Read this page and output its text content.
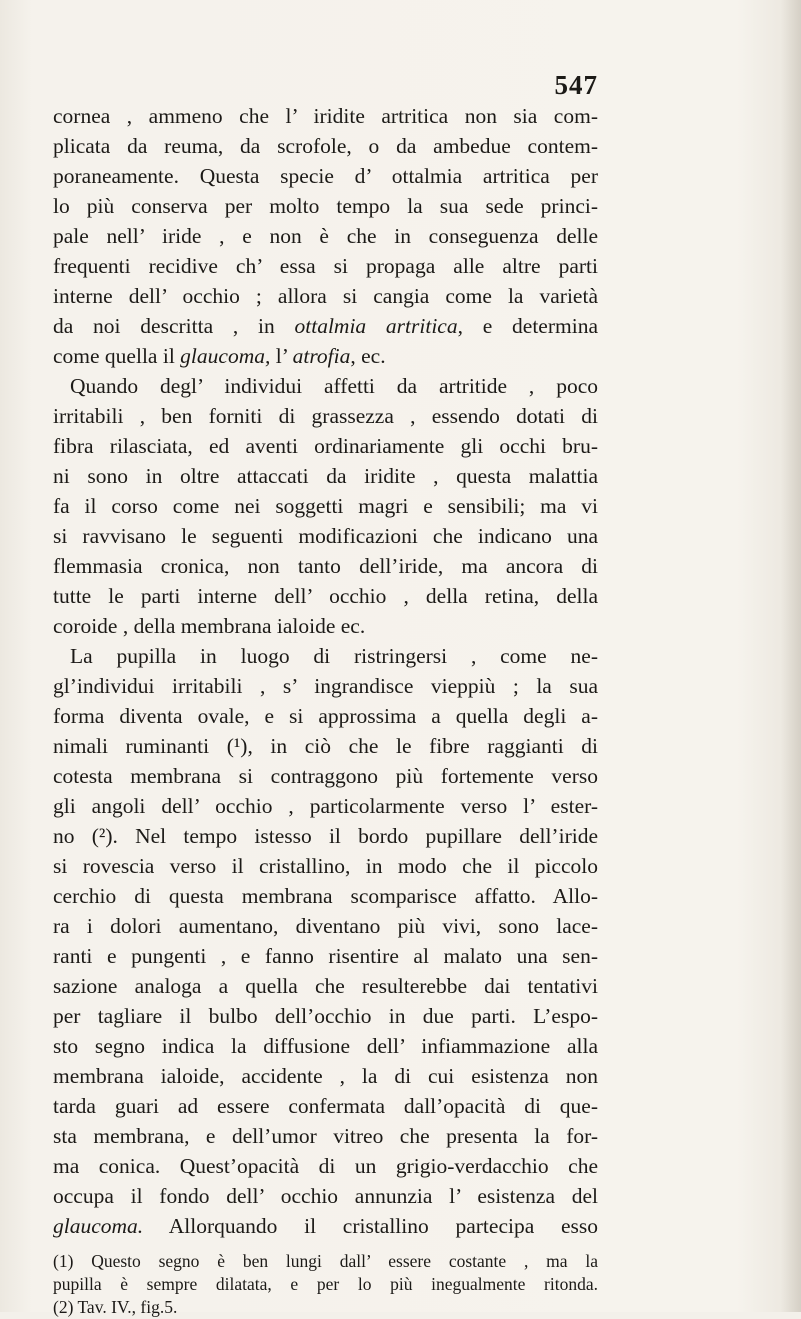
547
cornea , ammeno che l’ iridite artritica non sia com-
plicata da reuma, da scrofole, o da ambedue contem-
poraneamente. Questa specie d’ ottalmia artritica per
lo più conserva per molto tempo la sua sede princi-
pale nell’ iride , e non è che in conseguenza delle
frequenti recidive ch’ essa si propaga alle altre parti
interne dell’ occhio ; allora si cangia come la varietà
da noi descritta , in ottalmia artritica, e determina
come quella il glaucoma, l’ atrofia, ec.
Quando degl’ individui affetti da artritide , poco
irritabili , ben forniti di grassezza , essendo dotati di
fibra rilasciata, ed aventi ordinariamente gli occhi bru-
ni sono in oltre attaccati da iridite , questa malattia
fa il corso come nei soggetti magri e sensibili; ma vi
si ravvisano le seguenti modificazioni che indicano una
flemmasia cronica, non tanto dell’iride, ma ancora di
tutte le parti interne dell’ occhio , della retina, della
coroide , della membrana ialoide ec.
La pupilla in luogo di ristringersi , come ne-
gl’individui irritabili , s’ ingrandisce vieppiù ; la sua
forma diventa ovale, e si approssima a quella degli a-
nimali ruminanti (¹), in ciò che le fibre raggianti di
cotesta membrana si contraggono più fortemente verso
gli angoli dell’ occhio , particolarmente verso l’ ester-
no (²). Nel tempo istesso il bordo pupillare dell’iride
si rovescia verso il cristallino, in modo che il piccolo
cerchio di questa membrana scomparisce affatto. Allo-
ra i dolori aumentano, diventano più vivi, sono lace-
ranti e pungenti , e fanno risentire al malato una sen-
sazione analoga a quella che resulterebbe dai tentativi
per tagliare il bulbo dell’occhio in due parti. L’espo-
sto segno indica la diffusione dell’ infiammazione alla
membrana ialoide, accidente , la di cui esistenza non
tarda guari ad essere confermata dall’opacità di que-
sta membrana, e dell’umor vitreo che presenta la for-
ma conica. Quest’opacità di un grigio-verdacchio che
occupa il fondo dell’ occhio annunzia l’ esistenza del
glaucoma. Allorquando il cristallino partecipa esso
(1) Questo segno è ben lungi dall’ essere costante , ma la
pupilla è sempre dilatata, e per lo più inegualmente ritonda.
(2) Tav. IV., fig.5.
